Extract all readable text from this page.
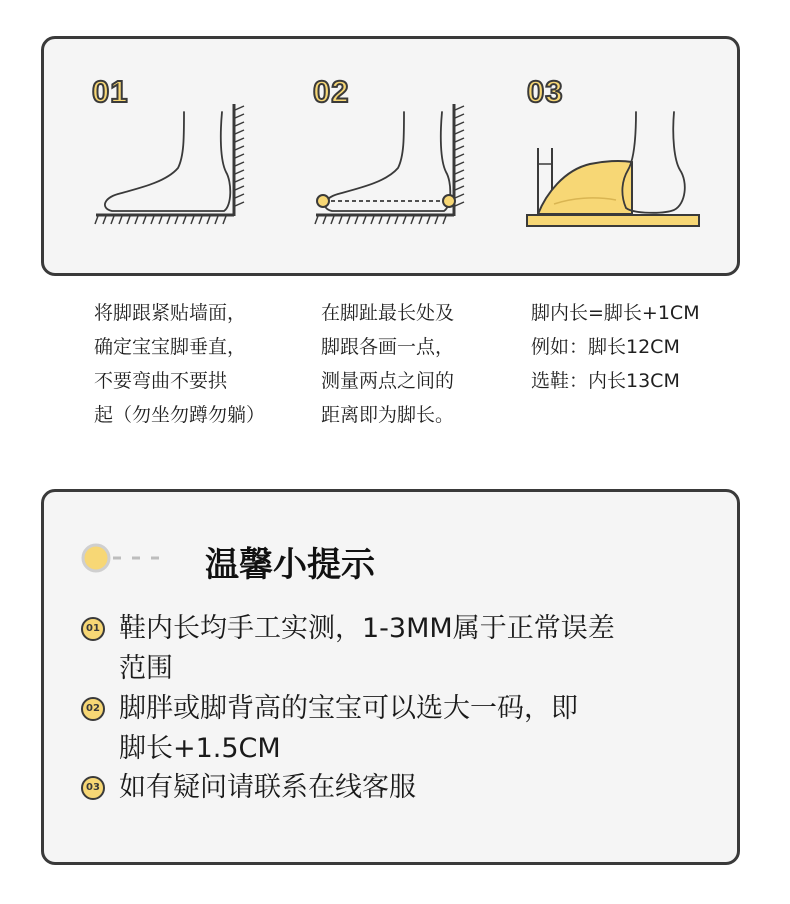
01	02	03
将脚跟紧贴墙面，
确定宝宝脚垂直，
不要弯曲不要拱
起（勿坐勿蹲勿躺）
在脚趾最长处及
脚跟各画一点，
测量两点之间的
距离即为脚长。
脚内长=脚长+1CM
例如：脚长12CM
选鞋：内长13CM
温馨小提示
01 鞋内长均手工实测，1-3MM属于正常误差
范围
02 脚胖或脚背高的宝宝可以选大一码，即
脚长+1.5CM
03 如有疑问请联系在线客服
